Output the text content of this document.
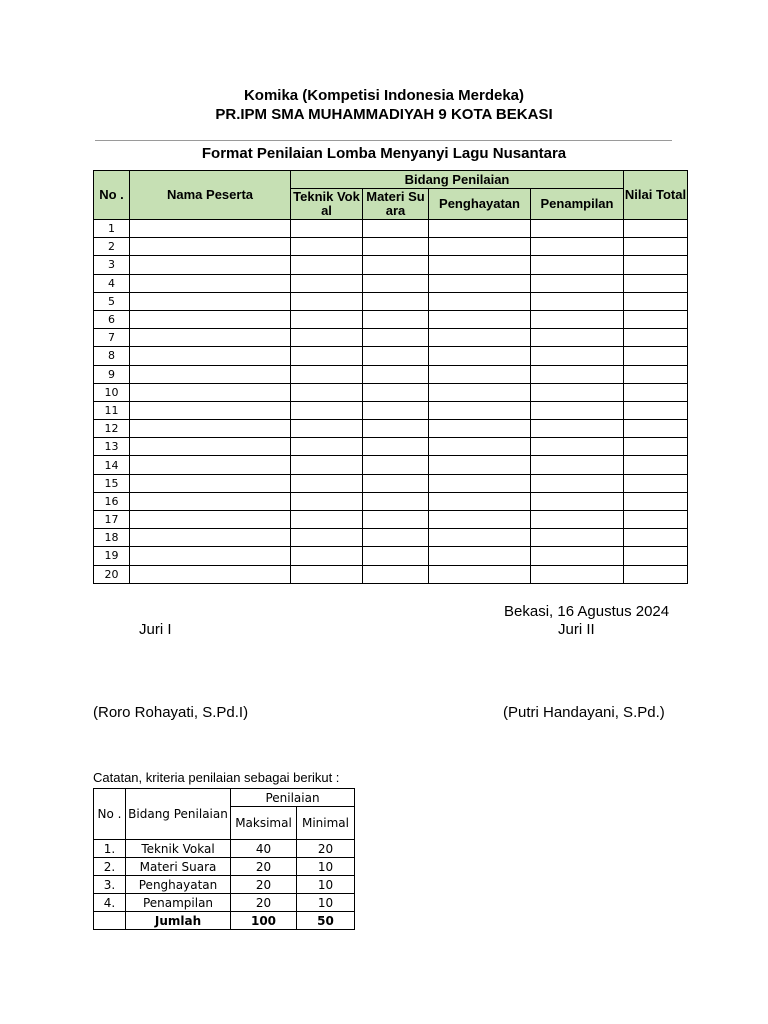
Komika (Kompetisi Indonesia Merdeka)
PR.IPM SMA MUHAMMADIYAH 9 KOTA BEKASI
Format Penilaian Lomba Menyanyi Lagu Nusantara
No .	Nama Peserta	Bidang Penilaian				Nilai Total
		Teknik Vokal	Materi Suara	Penghayatan	Penampilan	
1						
2						
3						
4						
5						
6						
7						
8						
9						
10						
11						
12						
13						
14						
15						
16						
17						
18						
19						
20						
Bekasi, 16 Agustus 2024
Juri I	Juri II
(Roro Rohayati, S.Pd.I)	(Putri Handayani, S.Pd.)
Catatan, kriteria penilaian sebagai berikut :
No .	Bidang Penilaian	Penilaian	
		Maksimal	Minimal
1.	Teknik Vokal	40	20
2.	Materi Suara	20	10
3.	Penghayatan	20	10
4.	Penampilan	20	10
	Jumlah	100	50
